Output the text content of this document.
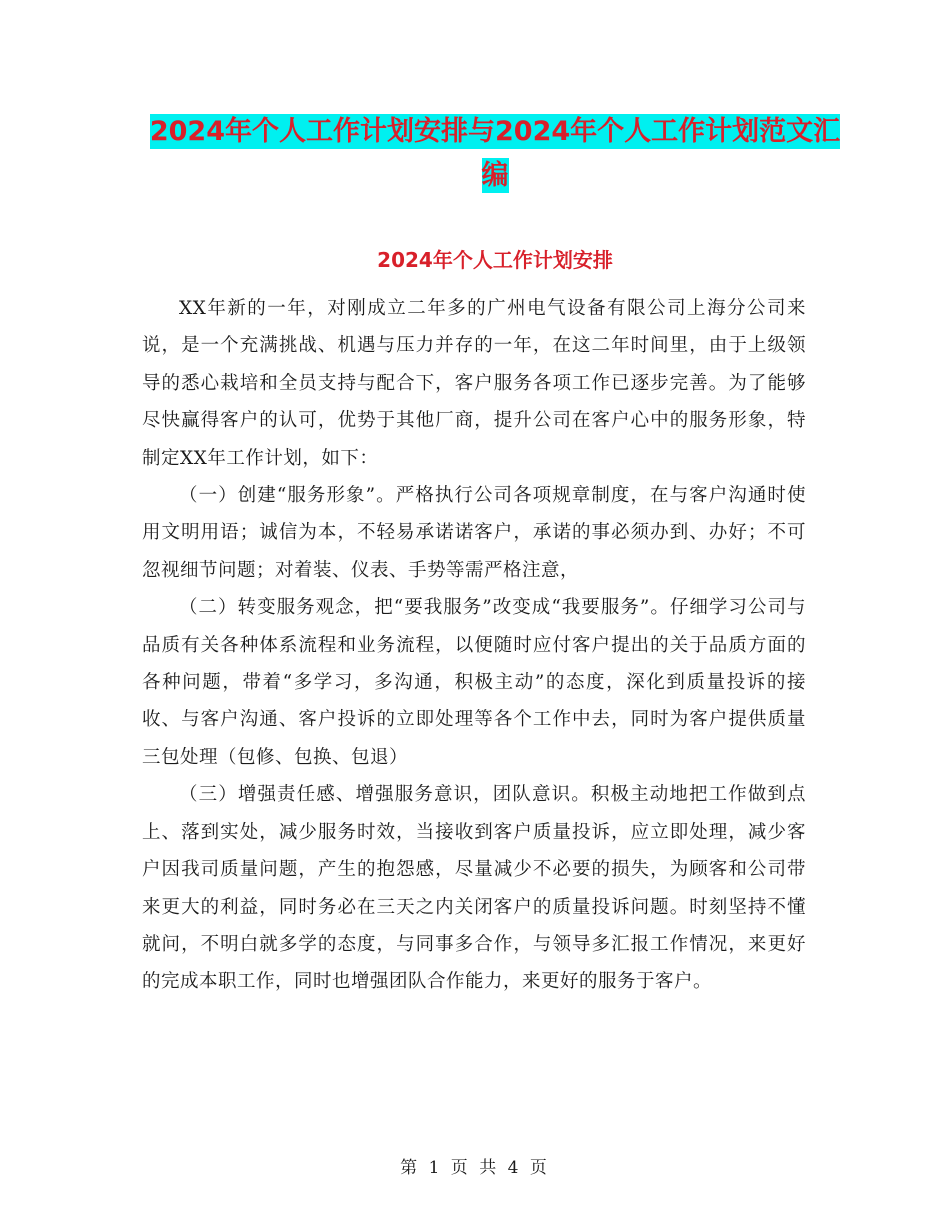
2024年个人工作计划安排与2024年个人工作计划范文汇编
2024年个人工作计划安排

XX年新的一年，对刚成立二年多的广州电气设备有限公司上海分公司来说，是一个充满挑战、机遇与压力并存的一年，在这二年时间里，由于上级领导的悉心栽培和全员支持与配合下，客户服务各项工作已逐步完善。为了能够尽快赢得客户的认可，优势于其他厂商，提升公司在客户心中的服务形象，特制定XX年工作计划，如下：

（一）创建“服务形象”。严格执行公司各项规章制度，在与客户沟通时使用文明用语；诚信为本，不轻易承诺诺客户，承诺的事必须办到、办好；不可忽视细节问题；对着装、仪表、手势等需严格注意，

（二）转变服务观念，把“要我服务”改变成“我要服务”。仔细学习公司与品质有关各种体系流程和业务流程，以便随时应付客户提出的关于品质方面的各种问题，带着“多学习，多沟通，积极主动”的态度，深化到质量投诉的接收、与客户沟通、客户投诉的立即处理等各个工作中去，同时为客户提供质量三包处理（包修、包换、包退）

（三）增强责任感、增强服务意识，团队意识。积极主动地把工作做到点上、落到实处，减少服务时效，当接收到客户质量投诉，应立即处理，减少客户因我司质量问题，产生的抱怨感，尽量减少不必要的损失，为顾客和公司带来更大的利益，同时务必在三天之内关闭客户的质量投诉问题。时刻坚持不懂就问，不明白就多学的态度，与同事多合作，与领导多汇报工作情况，来更好的完成本职工作，同时也增强团队合作能力，来更好的服务于客户。

第 1 页 共 4 页
